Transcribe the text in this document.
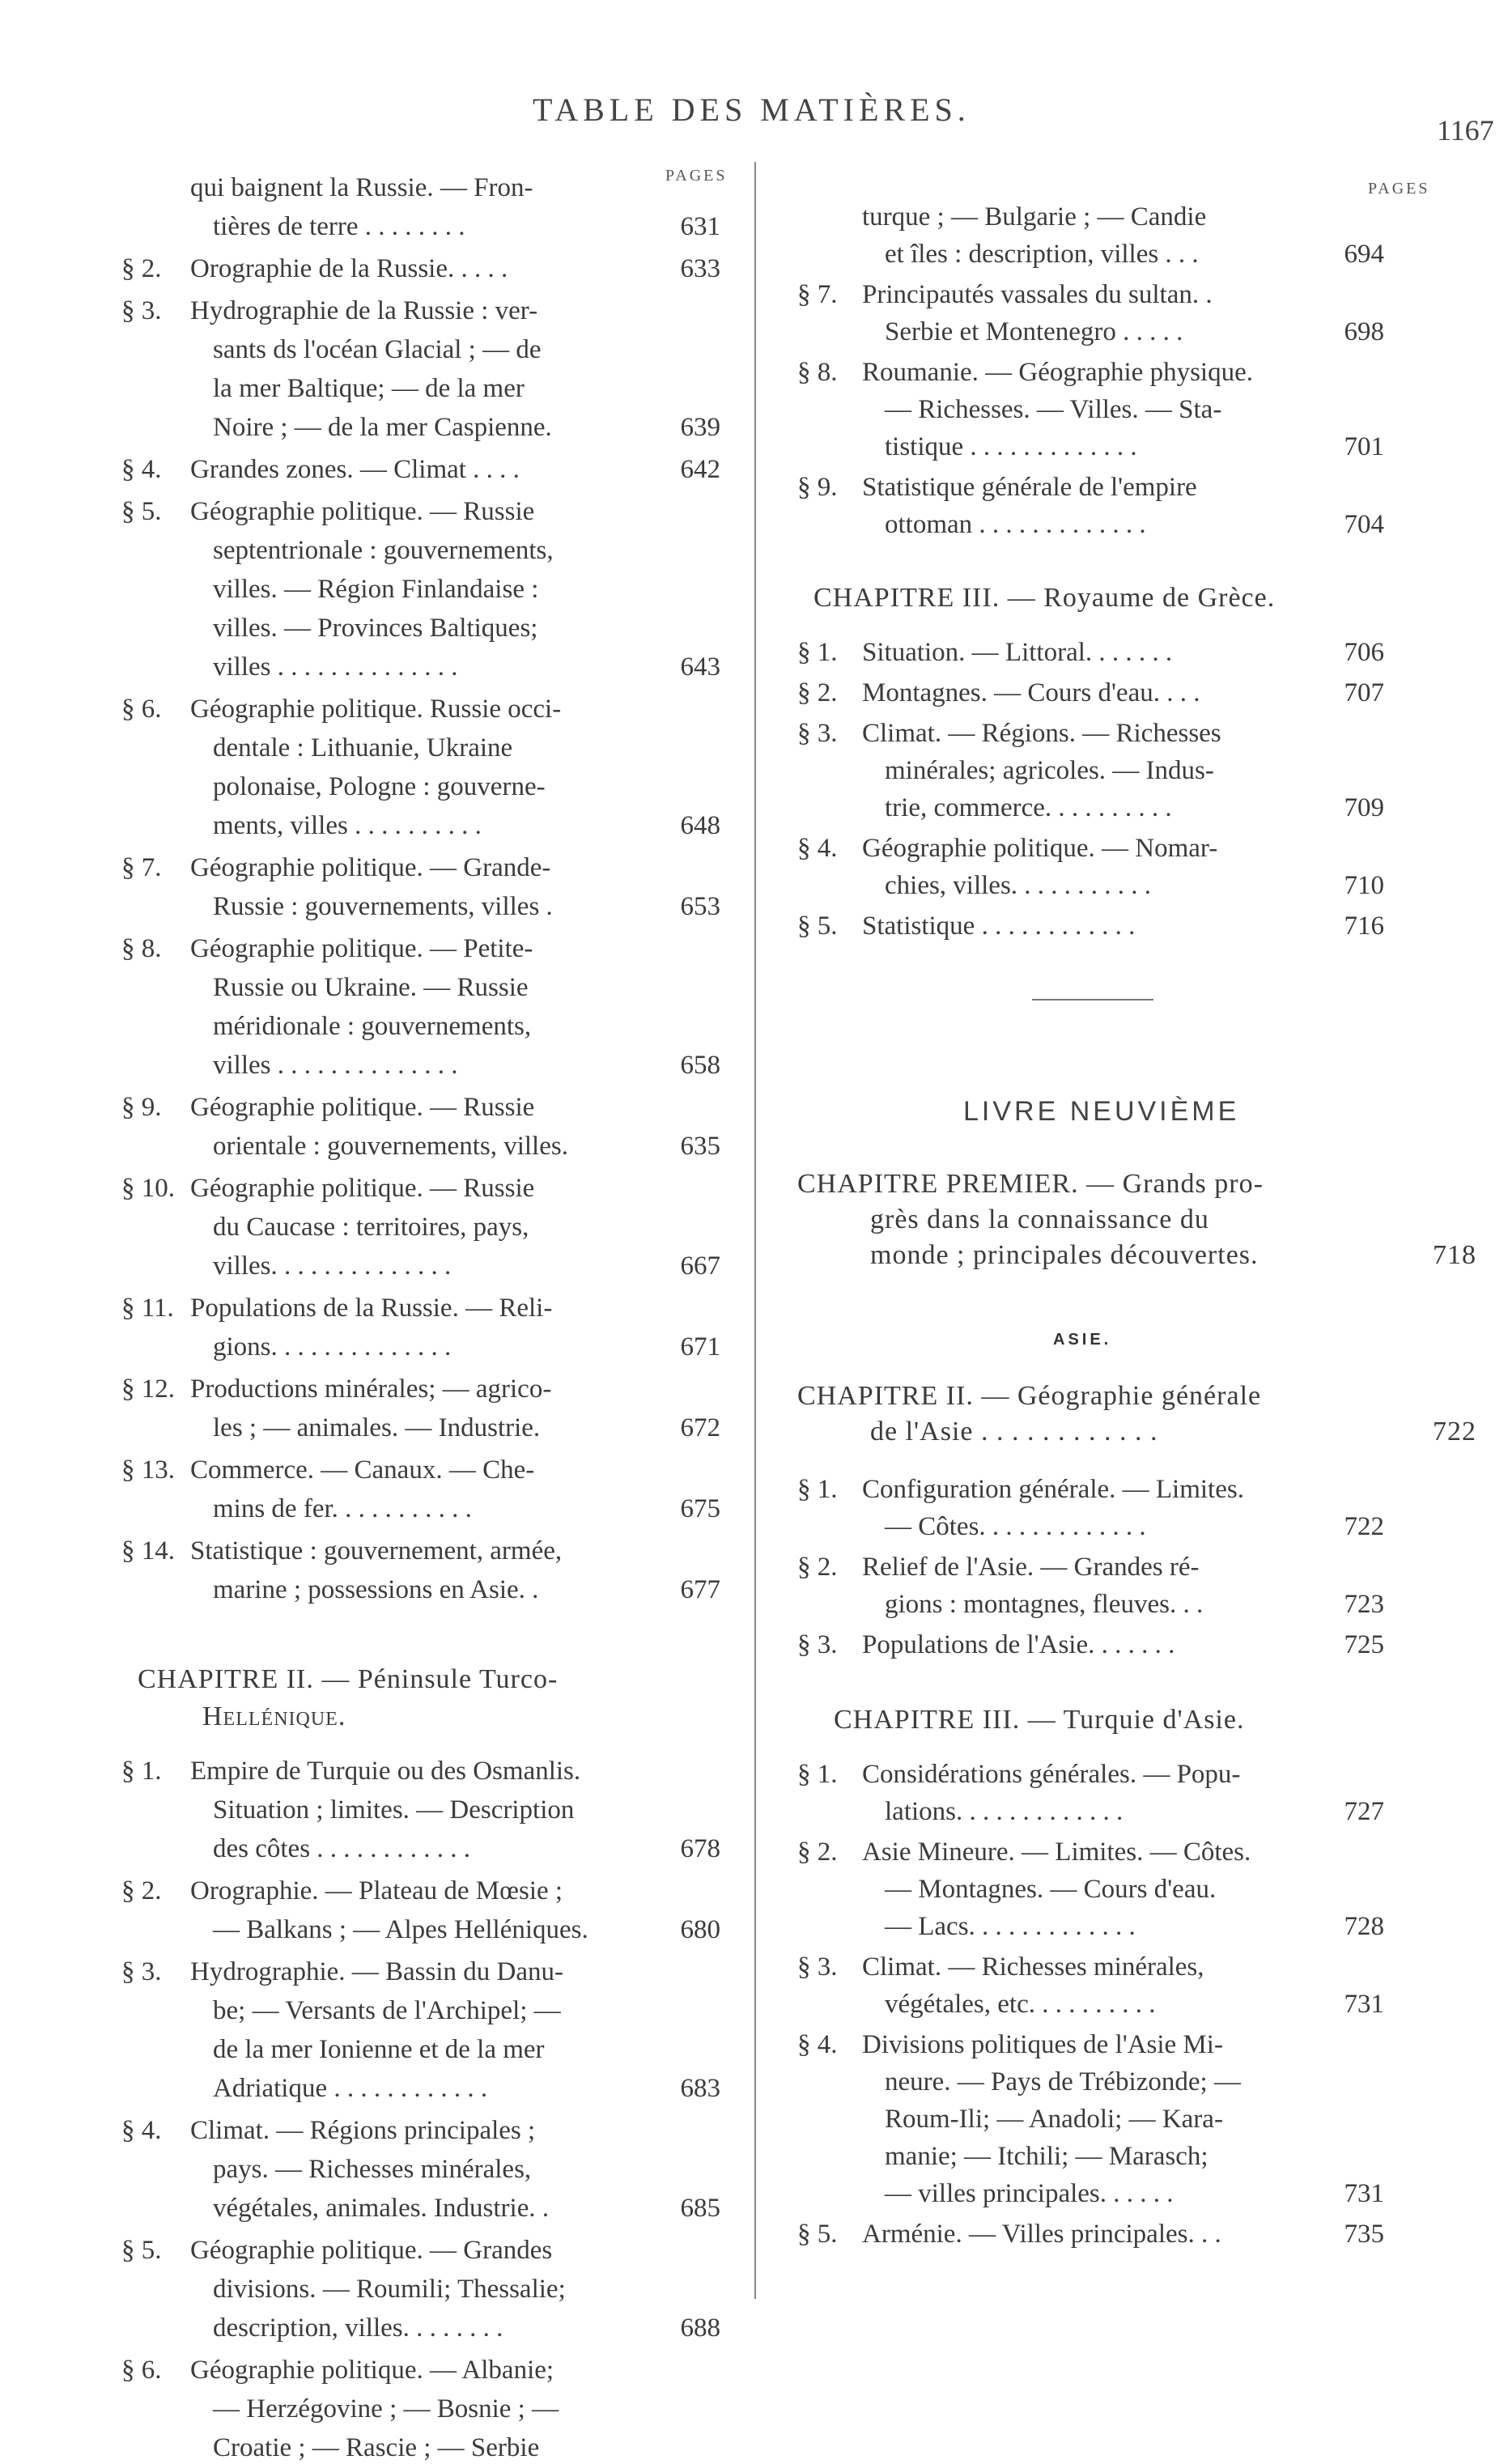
TABLE DES MATIÈRES.
1167
PAGES
PAGES
qui baignent la Russie. — Fron-
tières de terre . . . . . . . .	631
§ 2.	Orographie de la Russie. . . . .	633
§ 3.	Hydrographie de la Russie : ver-
sants ds l'océan Glacial ; — de
la mer Baltique; — de la mer
Noire ; — de la mer Caspienne.	639
§ 4.	Grandes zones. — Climat . . . .	642
§ 5.	Géographie politique. — Russie
septentrionale : gouvernements,
villes. — Région Finlandaise :
villes. — Provinces Baltiques;
villes . . . . . . . . . . . . . .	643
§ 6.	Géographie politique. Russie occi-
dentale : Lithuanie, Ukraine
polonaise, Pologne : gouverne-
ments, villes . . . . . . . . . .	648
§ 7.	Géographie politique. — Grande-
Russie : gouvernements, villes .	653
§ 8.	Géographie politique. — Petite-
Russie ou Ukraine. — Russie
méridionale : gouvernements,
villes . . . . . . . . . . . . . .	658
§ 9.	Géographie politique. — Russie
orientale : gouvernements, villes.	635
§ 10. Géographie politique. — Russie
du Caucase : territoires, pays,
villes. . . . . . . . . . . . . .	667
§ 11. Populations de la Russie. — Reli-
gions. . . . . . . . . . . . . .	671
§ 12. Productions minérales; — agrico-
les ; — animales. — Industrie.	672
§ 13. Commerce. — Canaux. — Che-
mins de fer. . . . . . . . . . .	675
§ 14. Statistique : gouvernement, armée,
marine ; possessions en Asie. .	677
CHAPITRE II. — Péninsule Turco-
Hellénique.
§ 1.	Empire de Turquie ou des Osmanlis.
Situation ; limites. — Description
des côtes . . . . . . . . . . . .	678
§ 2.	Orographie. — Plateau de Mœsie ;
— Balkans ; — Alpes Helléniques.	680
§ 3.	Hydrographie. — Bassin du Danu-
be; — Versants de l'Archipel; —
de la mer Ionienne et de la mer
Adriatique . . . . . . . . . . . .	683
§ 4.	Climat. — Régions principales ;
pays. — Richesses minérales,
végétales, animales. Industrie. .	685
§ 5.	Géographie politique. — Grandes
divisions. — Roumili; Thessalie;
description, villes. . . . . . . .	688
§ 6.	Géographie politique. — Albanie;
— Herzégovine ; — Bosnie ; —
Croatie ; — Rascie ; — Serbie
turque ; — Bulgarie ; — Candie
et îles : description, villes . . .	694
§ 7. Principautés vassales du sultan. .
Serbie et Montenegro . . . . .	698
§ 8. Roumanie. — Géographie physique.
— Richesses. — Villes. — Sta-
tistique . . . . . . . . . . . . .	701
§ 9. Statistique générale de l'empire
ottoman . . . . . . . . . . . . .	704
CHAPITRE III. — Royaume de Grèce.
§ 1. Situation. — Littoral. . . . . . .	706
§ 2. Montagnes. — Cours d'eau. . . .	707
§ 3. Climat. — Régions. — Richesses
minérales; agricoles. — Indus-
trie, commerce. . . . . . . . . .	709
§ 4. Géographie politique. — Nomar-
chies, villes. . . . . . . . . . .	710
§ 5. Statistique . . . . . . . . . . . .	716
LIVRE NEUVIÈME
CHAPITRE PREMIER. — Grands pro-
grès dans la connaissance du
monde ; principales découvertes.	718
ASIE.
CHAPITRE II. — Géographie générale
de l'Asie . . . . . . . . . . . .	722
§ 1. Configuration générale. — Limites.
— Côtes. . . . . . . . . . . . .	722
§ 2. Relief de l'Asie. — Grandes ré-
gions : montagnes, fleuves. . .	723
§ 3. Populations de l'Asie. . . . . . .	725
CHAPITRE III. — Turquie d'Asie.
§ 1. Considérations générales. — Popu-
lations. . . . . . . . . . . . .	727
§ 2. Asie Mineure. — Limites. — Côtes.
— Montagnes. — Cours d'eau.
— Lacs. . . . . . . . . . . . .	728
§ 3. Climat. — Richesses minérales,
végétales, etc. . . . . . . . . .	731
§ 4. Divisions politiques de l'Asie Mi-
neure. — Pays de Trébizonde; —
Roum-Ili; — Anadoli; — Kara-
manie; — Itchili; — Marasch;
— villes principales. . . . . .	731
§ 5. Arménie. — Villes principales. . .	735
